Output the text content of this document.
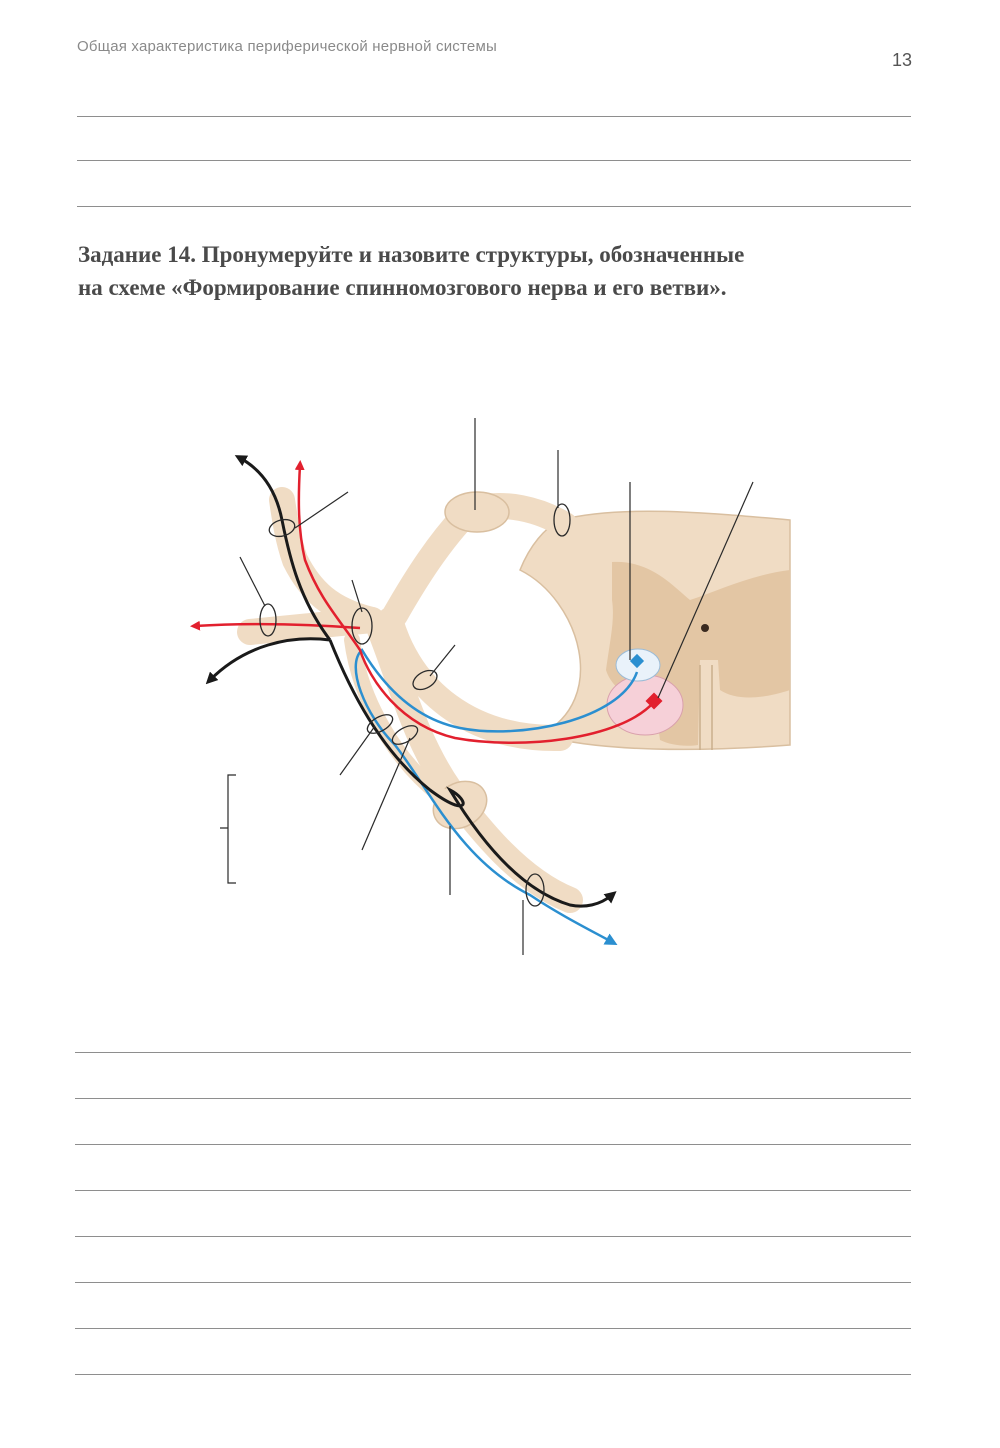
Общая характеристика периферической нервной системы
13

Задание 14. Пронумеруйте и назовите структуры, обозначенные
на схеме «Формирование спинномозгового нерва и его ветви».
